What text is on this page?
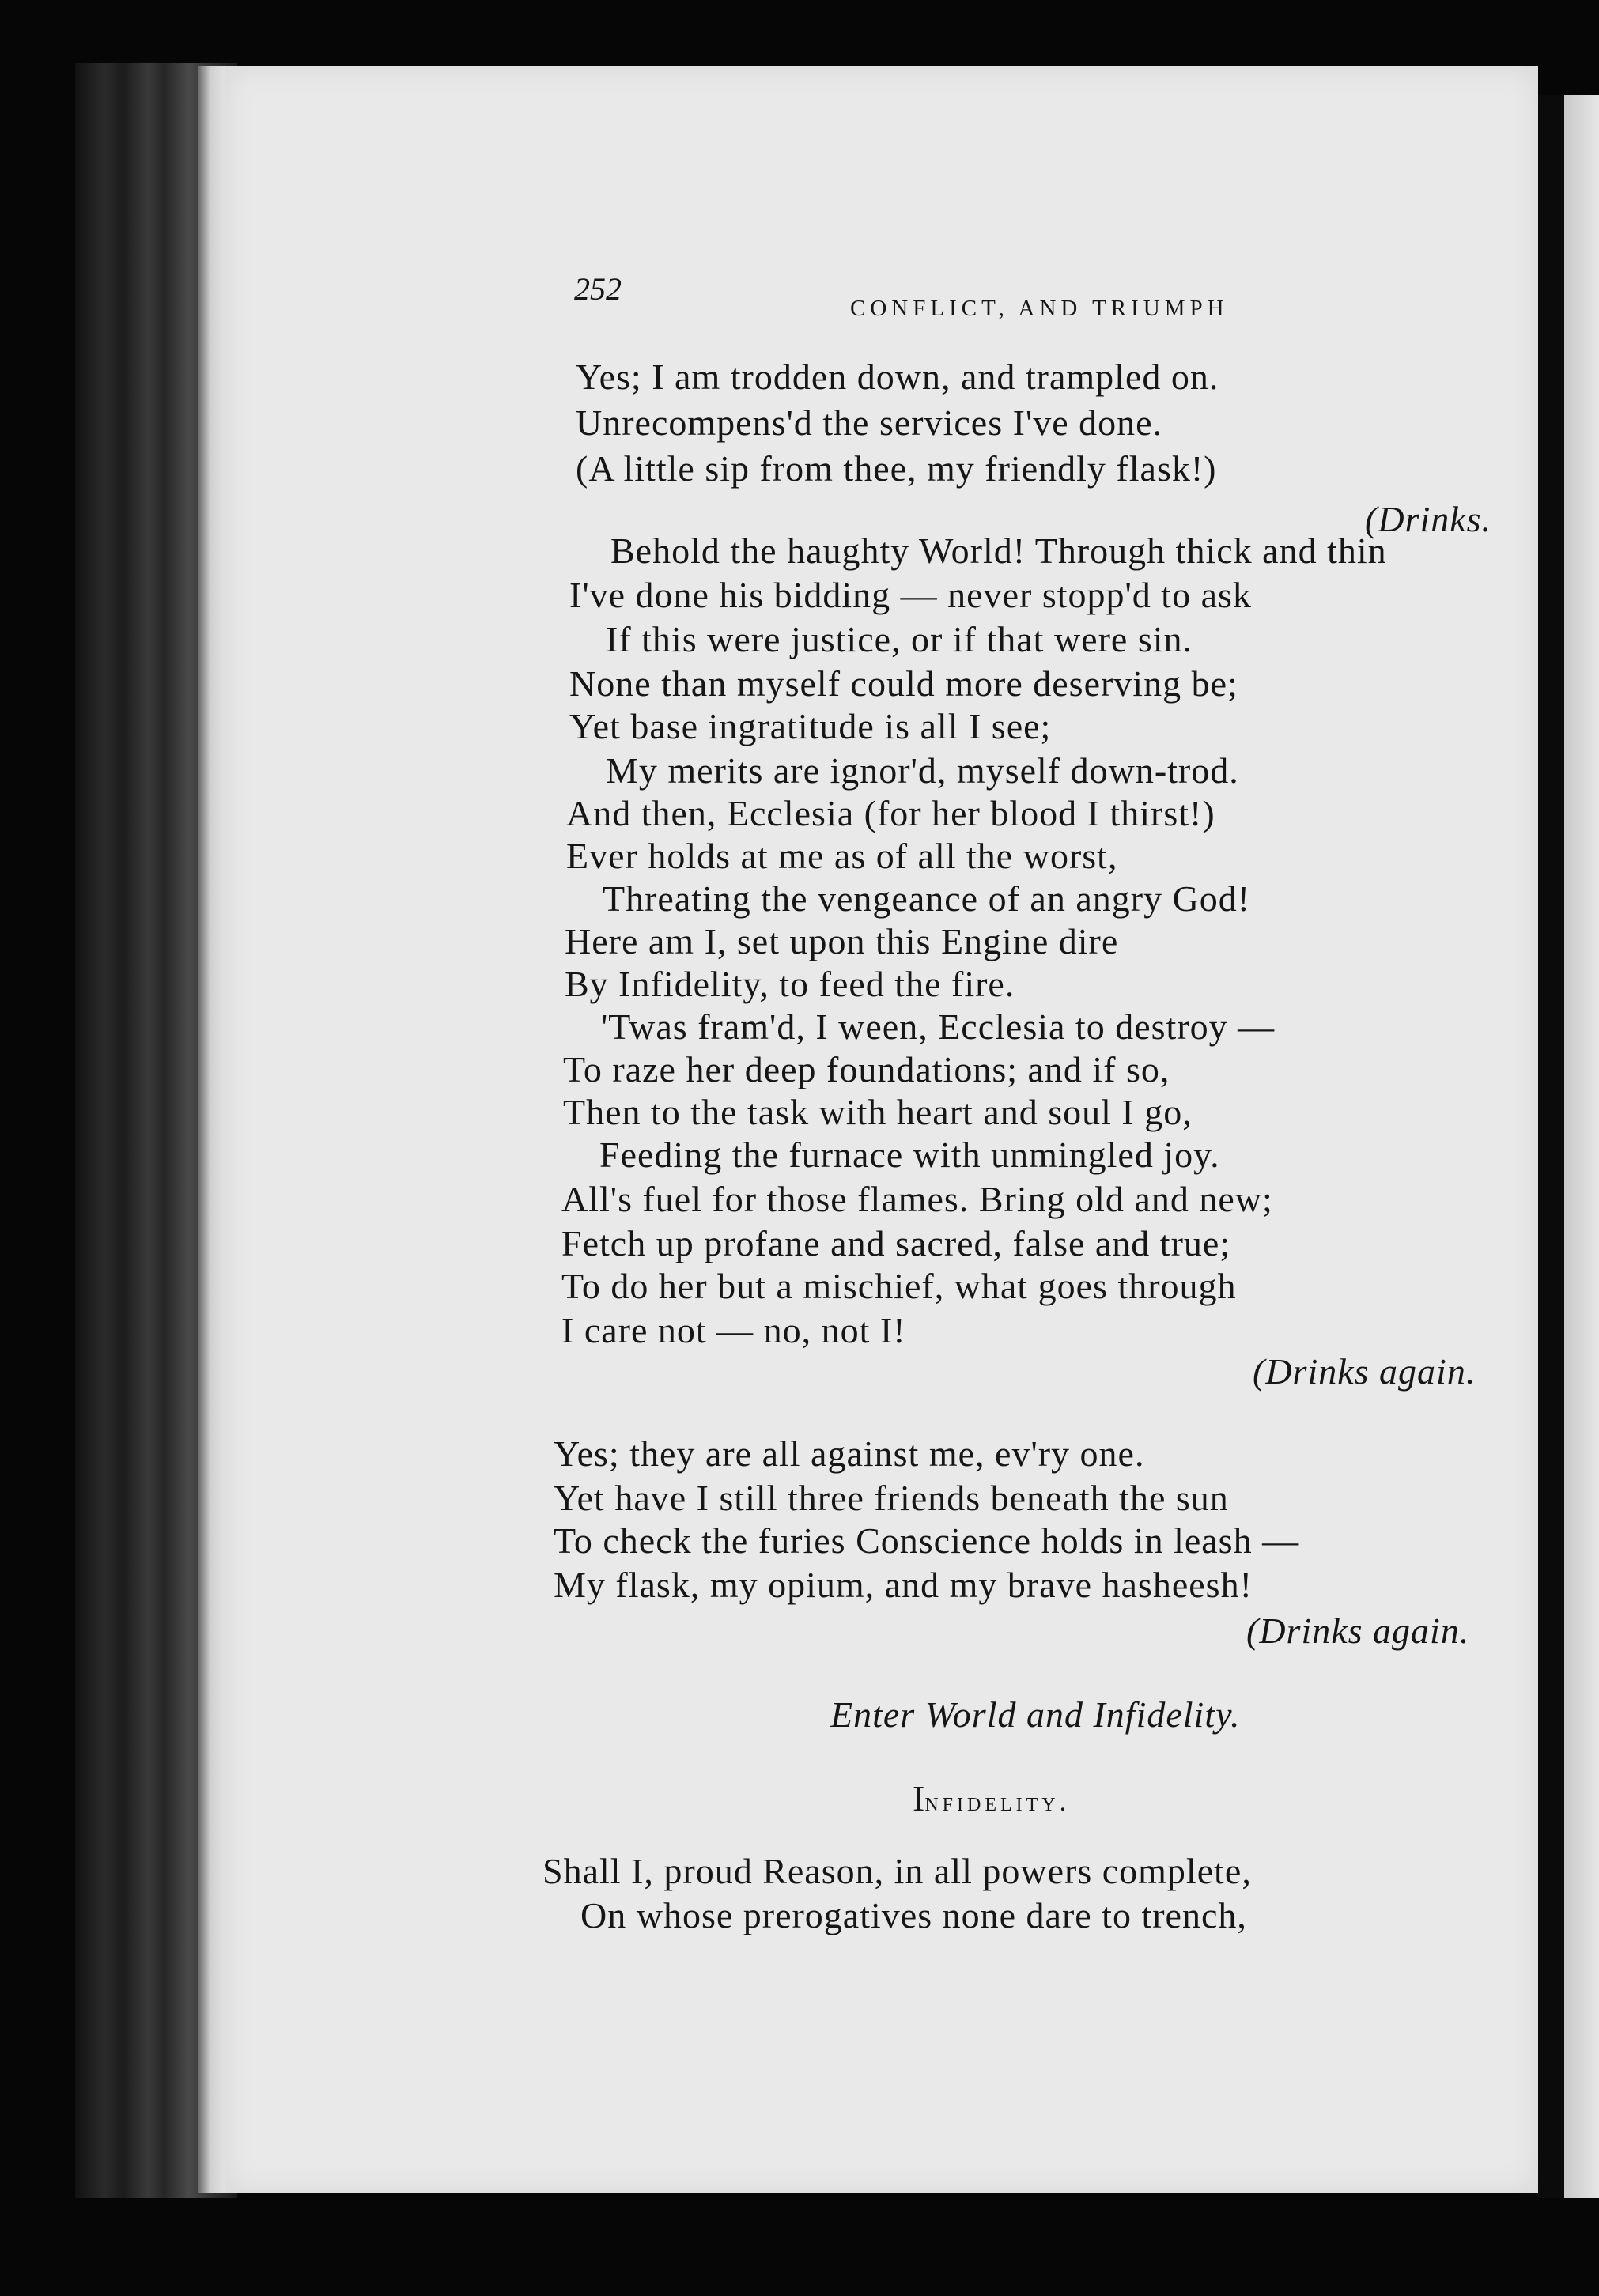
252
CONFLICT, AND TRIUMPH
Yes; I am trodden down, and trampled on.
Unrecompens'd the services I've done.
(A little sip from thee, my friendly flask!)
(Drinks.
Behold the haughty World! Through thick and thin
I've done his bidding — never stopp'd to ask
If this were justice, or if that were sin.
None than myself could more deserving be;
Yet base ingratitude is all I see;
My merits are ignor'd, myself down-trod.
And then, Ecclesia (for her blood I thirst!)
Ever holds at me as of all the worst,
Threating the vengeance of an angry God!
Here am I, set upon this Engine dire
By Infidelity, to feed the fire.
'Twas fram'd, I ween, Ecclesia to destroy —
To raze her deep foundations; and if so,
Then to the task with heart and soul I go,
Feeding the furnace with unmingled joy.
All's fuel for those flames. Bring old and new;
Fetch up profane and sacred, false and true;
To do her but a mischief, what goes through
I care not — no, not I!
(Drinks again.
Yes; they are all against me, ev'ry one.
Yet have I still three friends beneath the sun
To check the furies Conscience holds in leash —
My flask, my opium, and my brave hasheesh!
(Drinks again.
Enter World and Infidelity.
Infidelity.
Shall I, proud Reason, in all powers complete,
On whose prerogatives none dare to trench,
